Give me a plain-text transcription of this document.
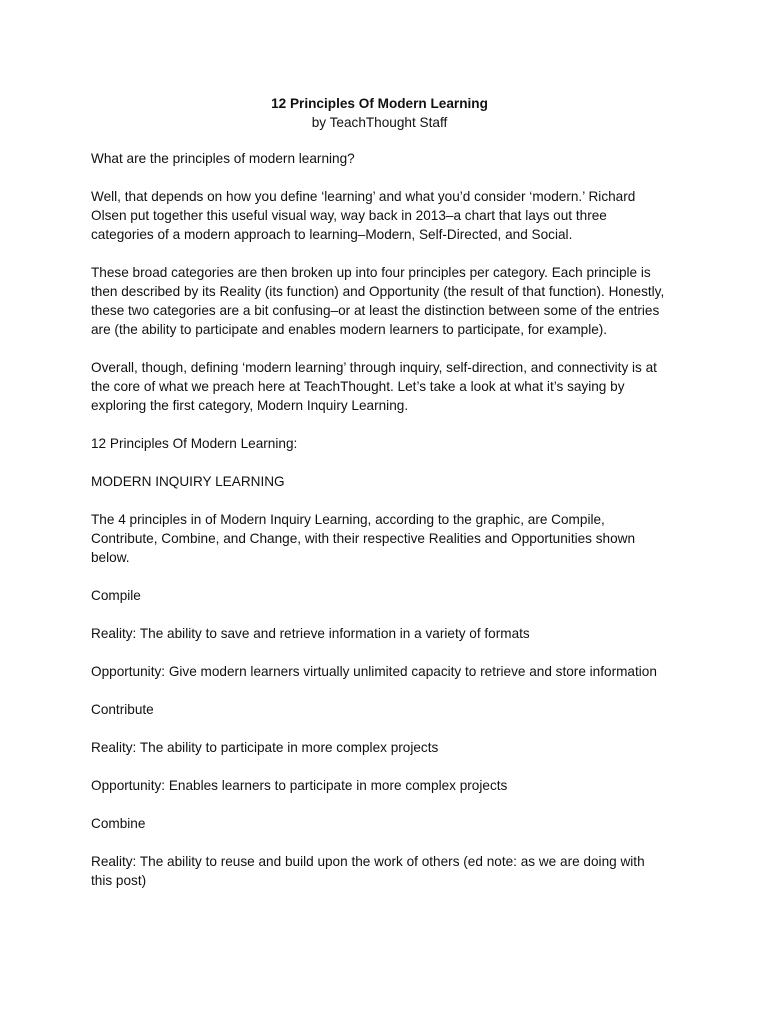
12 Principles Of Modern Learning

by TeachThought Staff

What are the principles of modern learning?

Well, that depends on how you define ‘learning’ and what you’d consider ‘modern.’ Richard Olsen put together this useful visual way, way back in 2013–a chart that lays out three categories of a modern approach to learning–Modern, Self-Directed, and Social.

These broad categories are then broken up into four principles per category. Each principle is then described by its Reality (its function) and Opportunity (the result of that function). Honestly, these two categories are a bit confusing–or at least the distinction between some of the entries are (the ability to participate and enables modern learners to participate, for example).

Overall, though, defining ‘modern learning’ through inquiry, self-direction, and connectivity is at the core of what we preach here at TeachThought. Let’s take a look at what it’s saying by exploring the first category, Modern Inquiry Learning.

12 Principles Of Modern Learning:

MODERN INQUIRY LEARNING

The 4 principles in of Modern Inquiry Learning, according to the graphic, are Compile, Contribute, Combine, and Change, with their respective Realities and Opportunities shown below.

Compile

Reality: The ability to save and retrieve information in a variety of formats

Opportunity: Give modern learners virtually unlimited capacity to retrieve and store information

Contribute

Reality: The ability to participate in more complex projects

Opportunity: Enables learners to participate in more complex projects

Combine

Reality: The ability to reuse and build upon the work of others (ed note: as we are doing with this post)
